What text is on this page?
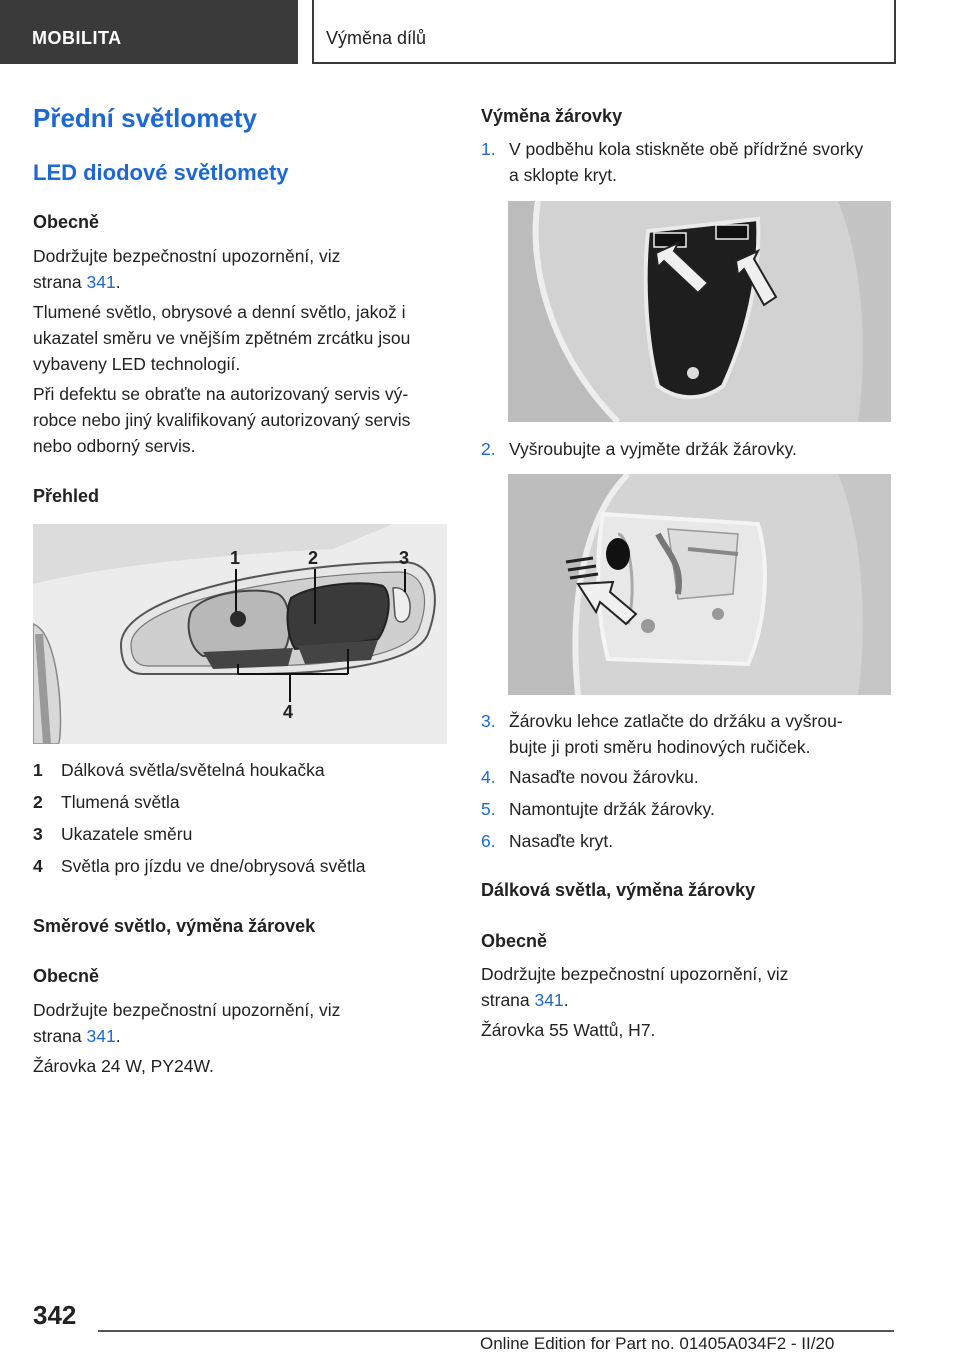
MOBILITA	Výměna dílů
Přední světlomety
LED diodové světlomety
Obecně
Dodržujte bezpečnostní upozornění, viz
strana 341.
Tlumené světlo, obrysové a denní světlo, jakož i
ukazatel směru ve vnějším zpětném zrcátku jsou
vybaveny LED technologií.
Při defektu se obraťte na autorizovaný servis vý-
robce nebo jiný kvalifikovaný autorizovaný servis
nebo odborný servis.
Přehled
1	2	3
4
1 Dálková světla/světelná houkačka
2 Tlumená světla
3 Ukazatele směru
4 Světla pro jízdu ve dne/obrysová světla
Směrové světlo, výměna žárovek
Obecně
Dodržujte bezpečnostní upozornění, viz
strana 341.
Žárovka 24 W, PY24W.
Výměna žárovky
1. V podběhu kola stiskněte obě přídržné svorky
a sklopte kryt.
2. Vyšroubujte a vyjměte držák žárovky.
3. Žárovku lehce zatlačte do držáku a vyšrou-
bujte ji proti směru hodinových ručiček.
4. Nasaďte novou žárovku.
5. Namontujte držák žárovky.
6. Nasaďte kryt.
Dálková světla, výměna žárovky
Obecně
Dodržujte bezpečnostní upozornění, viz
strana 341.
Žárovka 55 Wattů, H7.
342
Online Edition for Part no. 01405A034F2 - II/20
